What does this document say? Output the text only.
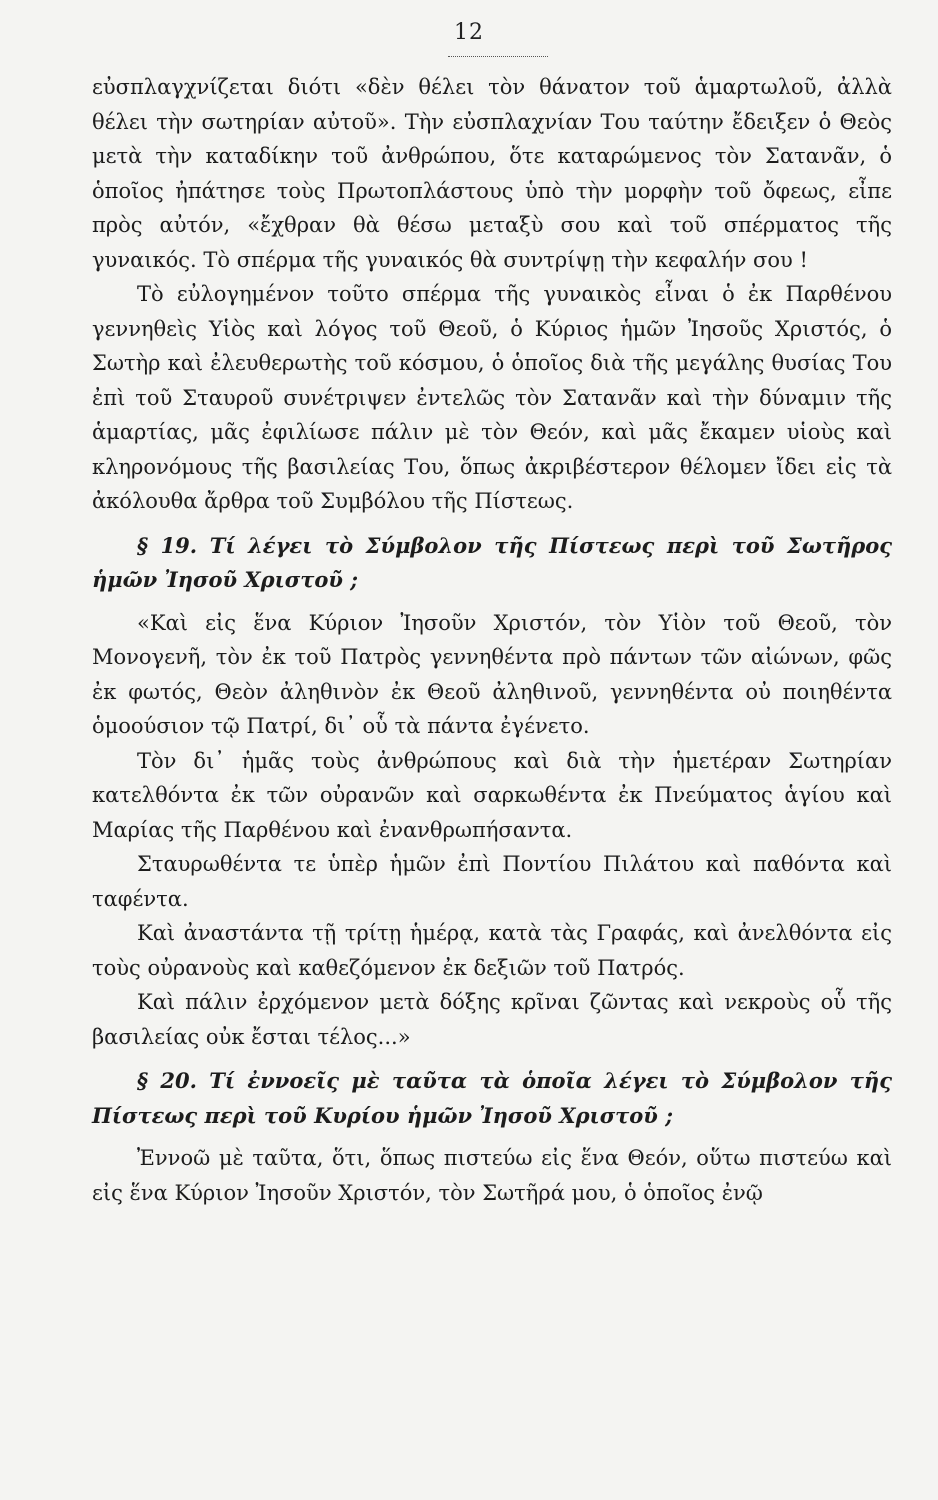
12

εὐσπλαγχνίζεται διότι «δὲν θέλει τὸν θάνατον τοῦ ἁμαρτωλοῦ, ἀλλὰ θέλει τὴν σωτηρίαν αὐτοῦ». Τὴν εὐσπλαχνίαν Του ταύτην ἔδειξεν ὁ Θεὸς μετὰ τὴν καταδίκην τοῦ ἀνθρώπου, ὅτε καταρώμενος τὸν Σατανᾶν, ὁ ὁποῖος ἠπάτησε τοὺς Πρωτοπλάστους ὑπὸ τὴν μορφὴν τοῦ ὄφεως, εἶπε πρὸς αὐτόν, «ἔχθραν θὰ θέσω μεταξὺ σου καὶ τοῦ σπέρματος τῆς γυναικός. Τὸ σπέρμα τῆς γυναικός θὰ συντρίψῃ τὴν κεφαλήν σου !

Τὸ εὐλογημένον τοῦτο σπέρμα τῆς γυναικὸς εἶναι ὁ ἐκ Παρθένου γεννηθεὶς Υἱὸς καὶ λόγος τοῦ Θεοῦ, ὁ Κύριος ἡμῶν Ἰησοῦς Χριστός, ὁ Σωτὴρ καὶ ἐλευθερωτὴς τοῦ κόσμου, ὁ ὁποῖος διὰ τῆς μεγάλης θυσίας Του ἐπὶ τοῦ Σταυροῦ συνέτριψεν ἐντελῶς τὸν Σατανᾶν καὶ τὴν δύναμιν τῆς ἁμαρτίας, μᾶς ἐφιλίωσε πάλιν μὲ τὸν Θεόν, καὶ μᾶς ἔκαμεν υἱοὺς καὶ κληρονόμους τῆς βασιλείας Του, ὅπως ἀκριβέστερον θέλομεν ἴδει εἰς τὰ ἀκόλουθα ἄρθρα τοῦ Συμβόλου τῆς Πίστεως.

§ 19. Τί λέγει τὸ Σύμβολον τῆς Πίστεως περὶ τοῦ Σωτῆρος ἡμῶν Ἰησοῦ Χριστοῦ ;

«Καὶ εἰς ἕνα Κύριον Ἰησοῦν Χριστόν, τὸν Υἱὸν τοῦ Θεοῦ, τὸν Μονογενῆ, τὸν ἐκ τοῦ Πατρὸς γεννηθέντα πρὸ πάντων τῶν αἰώνων, φῶς ἐκ φωτός, Θεὸν ἀληθινὸν ἐκ Θεοῦ ἀληθινοῦ, γεννηθέντα οὐ ποιηθέντα ὁμοούσιον τῷ Πατρί, δι᾽ οὗ τὰ πάντα ἐγένετο.

Τὸν δι᾽ ἡμᾶς τοὺς ἀνθρώπους καὶ διὰ τὴν ἡμετέραν Σωτηρίαν κατελθόντα ἐκ τῶν οὐρανῶν καὶ σαρκωθέντα ἐκ Πνεύματος ἁγίου καὶ Μαρίας τῆς Παρθένου καὶ ἐνανθρωπήσαντα.

Σταυρωθέντα τε ὑπὲρ ἡμῶν ἐπὶ Ποντίου Πιλάτου καὶ παθόντα καὶ ταφέντα.

Καὶ ἀναστάντα τῇ τρίτῃ ἡμέρᾳ, κατὰ τὰς Γραφάς, καὶ ἀνελθόντα εἰς τοὺς οὐρανοὺς καὶ καθεζόμενον ἐκ δεξιῶν τοῦ Πατρός.

Καὶ πάλιν ἐρχόμενον μετὰ δόξης κρῖναι ζῶντας καὶ νεκροὺς οὗ τῆς βασιλείας οὐκ ἔσται τέλος...»

§ 20. Τί ἐννοεῖς μὲ ταῦτα τὰ ὁποῖα λέγει τὸ Σύμβολον τῆς Πίστεως περὶ τοῦ Κυρίου ἡμῶν Ἰησοῦ Χριστοῦ ;

Ἐννοῶ μὲ ταῦτα, ὅτι, ὅπως πιστεύω εἰς ἕνα Θεόν, οὕτω πιστεύω καὶ εἰς ἕνα Κύριον Ἰησοῦν Χριστόν, τὸν Σωτῆρά μου, ὁ ὁποῖος ἐνῷ
